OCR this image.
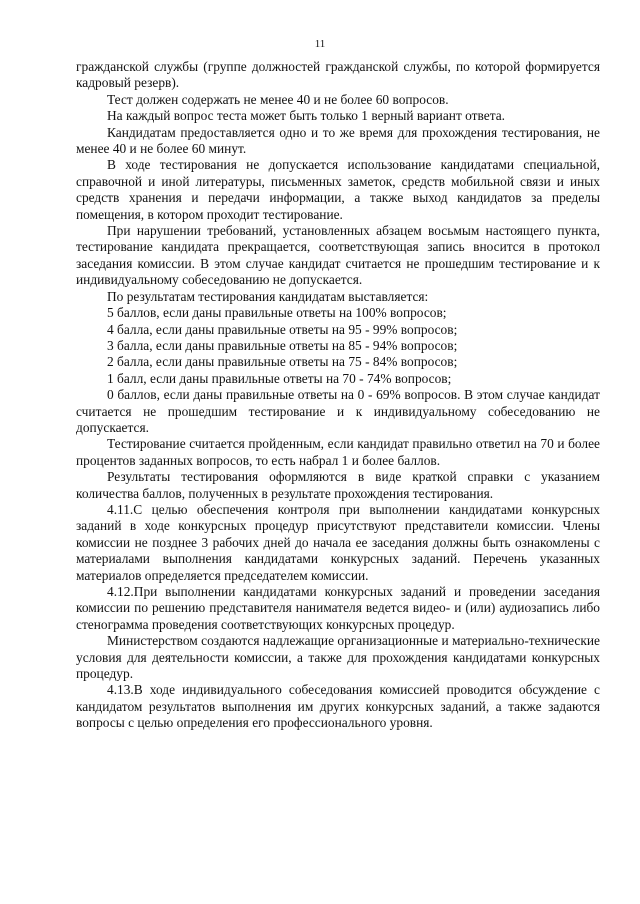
11

гражданской службы (группе должностей гражданской службы, по которой формируется кадровый резерв).

Тест должен содержать не менее 40 и не более 60 вопросов.

На каждый вопрос теста может быть только 1 верный вариант ответа.

Кандидатам предоставляется одно и то же время для прохождения тестирования, не менее 40 и не более 60 минут.

В ходе тестирования не допускается использование кандидатами специальной, справочной и иной литературы, письменных заметок, средств мобильной связи и иных средств хранения и передачи информации, а также выход кандидатов за пределы помещения, в котором проходит тестирование.

При нарушении требований, установленных абзацем восьмым настоящего пункта, тестирование кандидата прекращается, соответствующая запись вносится в протокол заседания комиссии. В этом случае кандидат считается не прошедшим тестирование и к индивидуальному собеседованию не допускается.

По результатам тестирования кандидатам выставляется:

5 баллов, если даны правильные ответы на 100% вопросов;

4 балла, если даны правильные ответы на 95 - 99% вопросов;

3 балла, если даны правильные ответы на 85 - 94% вопросов;

2 балла, если даны правильные ответы на 75 - 84% вопросов;

1 балл, если даны правильные ответы на 70 - 74% вопросов;

0 баллов, если даны правильные ответы на 0 - 69% вопросов. В этом случае кандидат считается не прошедшим тестирование и к индивидуальному собеседованию не допускается.

Тестирование считается пройденным, если кандидат правильно ответил на 70 и более процентов заданных вопросов, то есть набрал 1 и более баллов.

Результаты тестирования оформляются в виде краткой справки с указанием количества баллов, полученных в результате прохождения тестирования.

4.11.С целью обеспечения контроля при выполнении кандидатами конкурсных заданий в ходе конкурсных процедур присутствуют представители комиссии. Члены комиссии не позднее 3 рабочих дней до начала ее заседания должны быть ознакомлены с материалами выполнения кандидатами конкурсных заданий. Перечень указанных материалов определяется председателем комиссии.

4.12.При выполнении кандидатами конкурсных заданий и проведении заседания комиссии по решению представителя нанимателя ведется видео- и (или) аудиозапись либо стенограмма проведения соответствующих конкурсных процедур.

Министерством создаются надлежащие организационные и материально-технические условия для деятельности комиссии, а также для прохождения кандидатами конкурсных процедур.

4.13.В ходе индивидуального собеседования комиссией проводится обсуждение с кандидатом результатов выполнения им других конкурсных заданий, а также задаются вопросы с целью определения его профессионального уровня.
